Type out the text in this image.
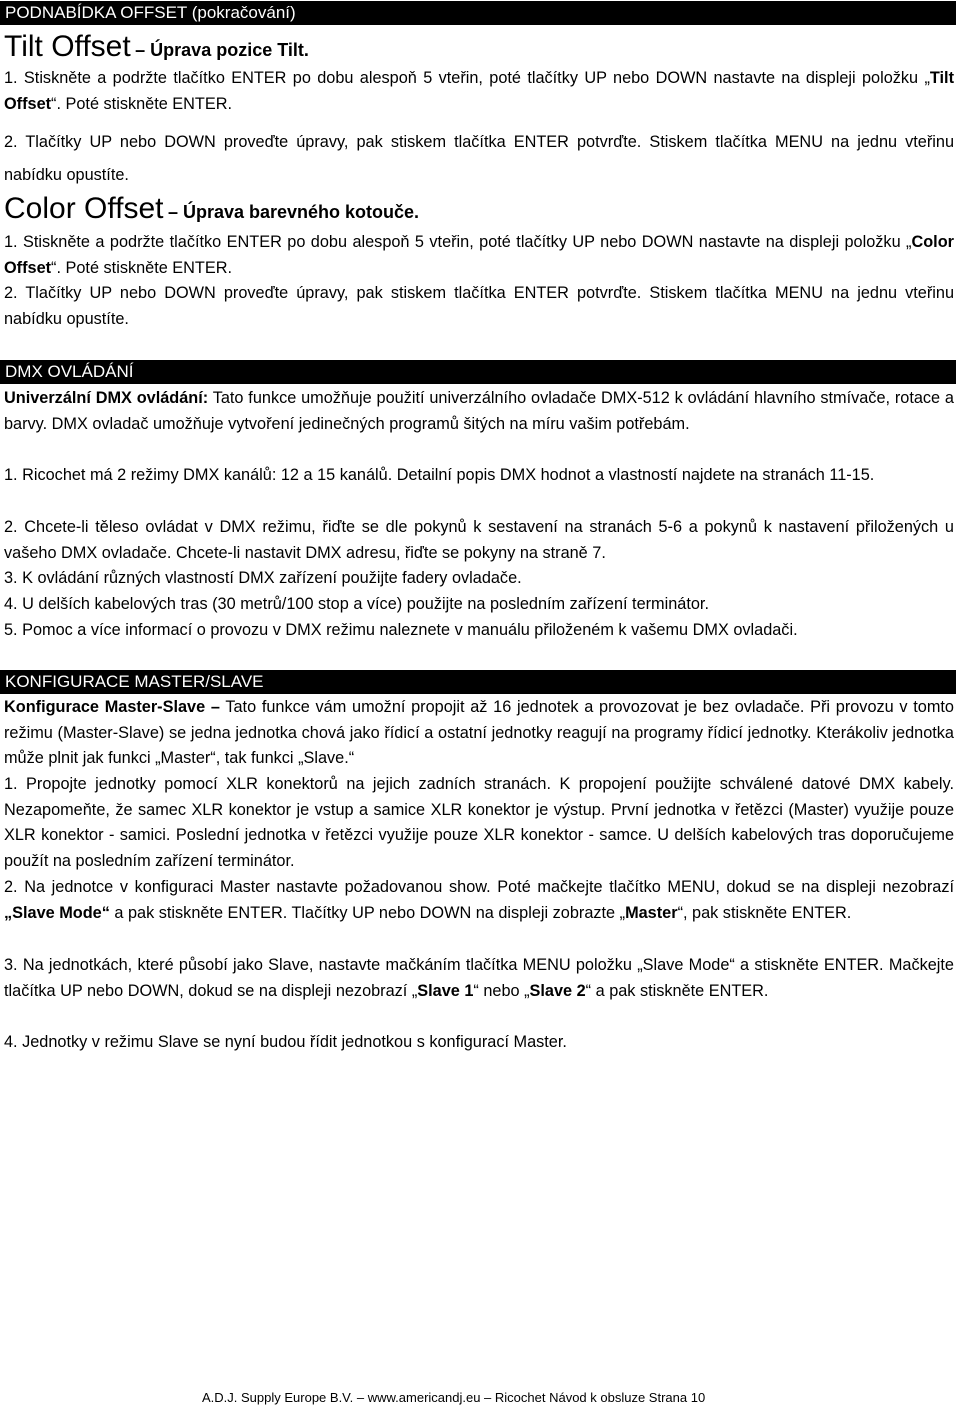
PODNABÍDKA OFFSET (pokračování)
Tilt Offset – Úprava pozice Tilt.

1. Stiskněte a podržte tlačítko ENTER po dobu alespoň 5 vteřin, poté tlačítky UP nebo DOWN nastavte na displeji položku „Tilt Offset“. Poté stiskněte ENTER.

2. Tlačítky UP nebo DOWN proveďte úpravy, pak stiskem tlačítka ENTER potvrďte. Stiskem tlačítka MENU na jednu vteřinu nabídku opustíte.

Color Offset – Úprava barevného kotouče.

1. Stiskněte a podržte tlačítko ENTER po dobu alespoň 5 vteřin, poté tlačítky UP nebo DOWN nastavte na displeji položku „Color Offset“. Poté stiskněte ENTER.

2. Tlačítky UP nebo DOWN proveďte úpravy, pak stiskem tlačítka ENTER potvrďte. Stiskem tlačítka MENU na jednu vteřinu nabídku opustíte.

DMX OVLÁDÁNÍ

Univerzální DMX ovládání: Tato funkce umožňuje použití univerzálního ovladače DMX-512 k ovládání hlavního stmívače, rotace a barvy. DMX ovladač umožňuje vytvoření jedinečných programů šitých na míru vašim potřebám.

1. Ricochet má 2 režimy DMX kanálů: 12 a 15 kanálů. Detailní popis DMX hodnot a vlastností najdete na stranách 11-15.

2. Chcete-li těleso ovládat v DMX režimu, řiďte se dle pokynů k sestavení na stranách 5-6 a pokynů k nastavení přiložených u vašeho DMX ovladače. Chcete-li nastavit DMX adresu, řiďte se pokyny na straně 7.

3. K ovládání různých vlastností DMX zařízení použijte fadery ovladače.

4. U delších kabelových tras (30 metrů/100 stop a více) použijte na posledním zařízení terminátor.

5. Pomoc a více informací o provozu v DMX režimu naleznete v manuálu přiloženém k vašemu DMX ovladači.

KONFIGURACE MASTER/SLAVE

Konfigurace Master-Slave – Tato funkce vám umožní propojit až 16 jednotek a provozovat je bez ovladače. Při provozu v tomto režimu (Master-Slave) se jedna jednotka chová jako řídicí a ostatní jednotky reagují na programy řídicí jednotky. Kterákoliv jednotka může plnit jak funkci „Master“, tak funkci „Slave.“

1. Propojte jednotky pomocí XLR konektorů na jejich zadních stranách. K propojení použijte schválené datové DMX kabely. Nezapomeňte, že samec XLR konektor je vstup a samice XLR konektor je výstup. První jednotka v řetězci (Master) využije pouze XLR konektor - samici. Poslední jednotka v řetězci využije pouze XLR konektor - samce. U delších kabelových tras doporučujeme použít na posledním zařízení terminátor.

2. Na jednotce v konfiguraci Master nastavte požadovanou show. Poté mačkejte tlačítko MENU, dokud se na displeji nezobrazí „Slave Mode“ a pak stiskněte ENTER. Tlačítky UP nebo DOWN na displeji zobrazte „Master“, pak stiskněte ENTER.

3. Na jednotkách, které působí jako Slave, nastavte mačkáním tlačítka MENU položku „Slave Mode“ a stiskněte ENTER. Mačkejte tlačítka UP nebo DOWN, dokud se na displeji nezobrazí „Slave 1“ nebo „Slave 2“ a pak stiskněte ENTER.

4. Jednotky v režimu Slave se nyní budou řídit jednotkou s konfigurací Master.

A.D.J. Supply Europe B.V. – www.americandj.eu – Ricochet Návod k obsluze Strana 10
